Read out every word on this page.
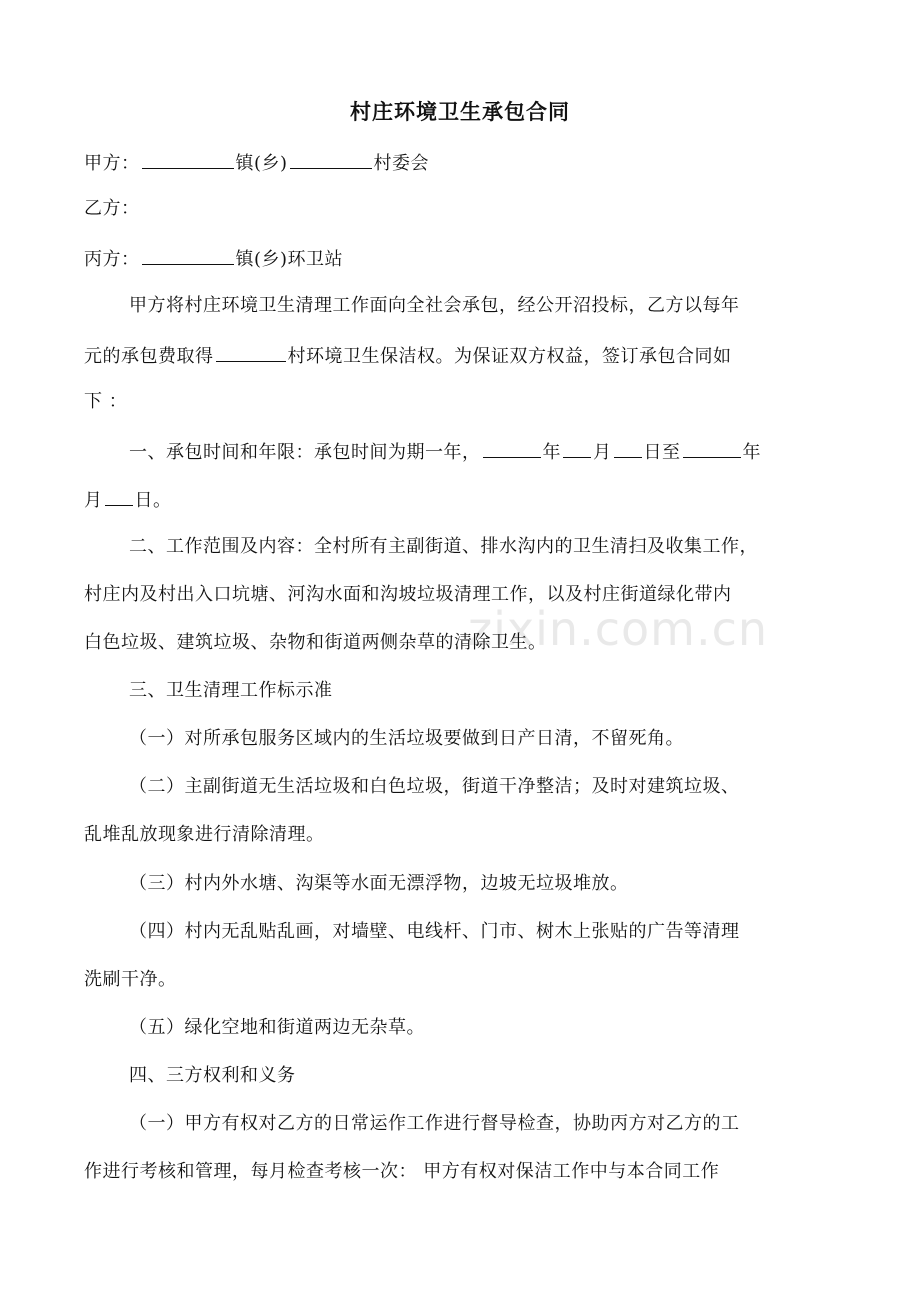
zixin.com.cn
村庄环境卫生承包合同
甲方：	镇(乡)	村委会
乙方：
丙方：	镇(乡)环卫站
甲方将村庄环境卫生清理工作面向全社会承包，经公开沼投标，乙方以每年
元的承包费取得	村环境卫生保洁权。为保证双方权益，签订承包合同如
下 ：
一、承包时间和年限：承包时间为期一年，	年 月 日至	年
月 日。
二、工作范围及内容：全村所有主副街道、排水沟内的卫生清扫及收集工作，
村庄内及村出入口坑塘、河沟水面和沟坡垃圾清理工作，以及村庄街道绿化带内
白色垃圾、建筑垃圾、杂物和街道两侧杂草的清除卫生。
三、卫生清理工作标示准
（一）对所承包服务区域内的生活垃圾要做到日产日清，不留死角。
（二）主副街道无生活垃圾和白色垃圾，街道干净整洁；及时对建筑垃圾、
乱堆乱放现象进行清除清理。
（三）村内外水塘、沟渠等水面无漂浮物，边坡无垃圾堆放。
（四）村内无乱贴乱画，对墙壁、电线杆、门市、树木上张贴的广告等清理
洗刷干净。
（五）绿化空地和街道两边无杂草。
四、三方权利和义务
（一）甲方有权对乙方的日常运作工作进行督导检查，协助丙方对乙方的工
作进行考核和管理，每月检查考核一次： 甲方有权对保洁工作中与本合同工作
